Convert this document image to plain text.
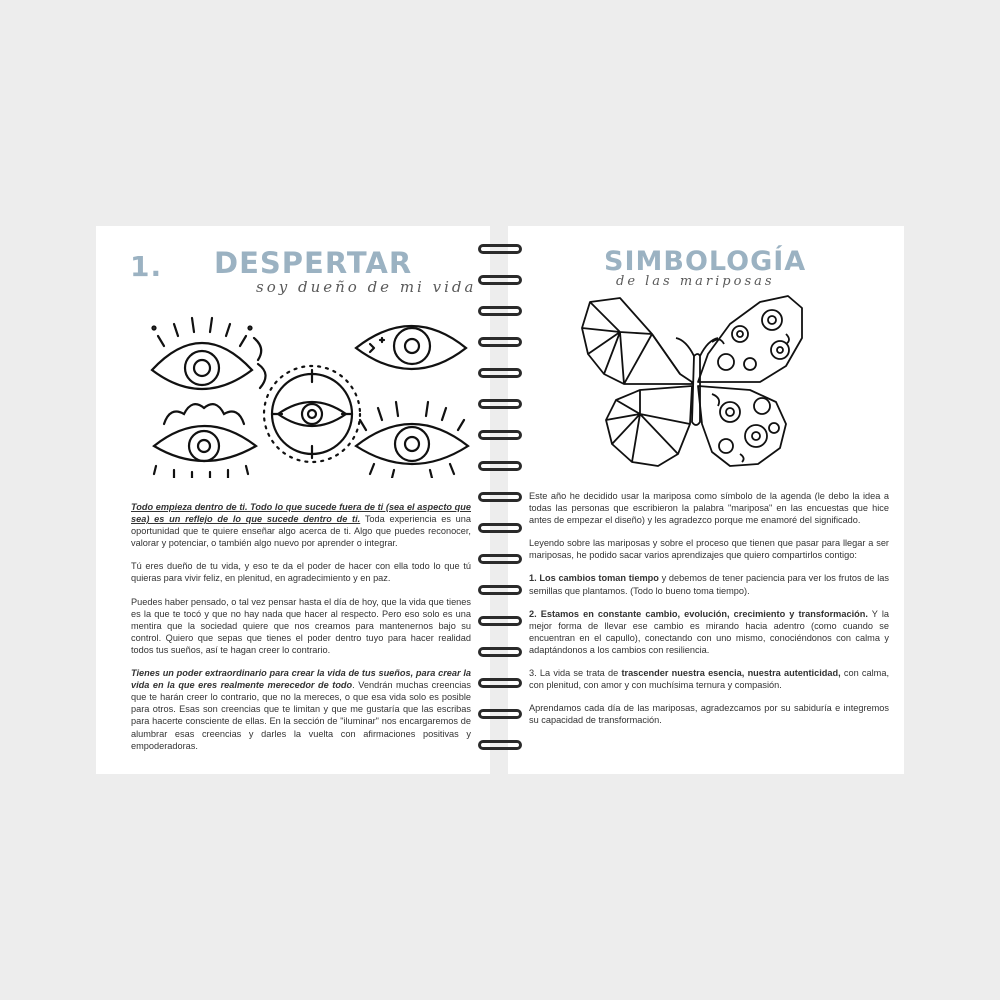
1. DESPERTAR
soy dueño de mi vida

Todo empieza dentro de ti. Todo lo que sucede fuera de ti (sea el aspecto que sea) es un reflejo de lo que sucede dentro de ti. Toda experiencia es una oportunidad que te quiere enseñar algo acerca de ti. Algo que puedes reconocer, valorar y potenciar, o también algo nuevo por aprender o integrar.

Tú eres dueño de tu vida, y eso te da el poder de hacer con ella todo lo que tú quieras para vivir feliz, en plenitud, en agradecimiento y en paz.

Puedes haber pensado, o tal vez pensar hasta el día de hoy, que la vida que tienes es la que te tocó y que no hay nada que hacer al respecto. Pero eso solo es una mentira que la sociedad quiere que nos creamos para mantenernos bajo su control. Quiero que sepas que tienes el poder dentro tuyo para hacer realidad todos tus sueños, así te hagan creer lo contrario.

Tienes un poder extraordinario para crear la vida de tus sueños, para crear la vida en la que eres realmente merecedor de todo. Vendrán muchas creencias que te harán creer lo contrario, que no la mereces, o que esa vida solo es posible para otros. Esas son creencias que te limitan y que me gustaría que las escribas para hacerte consciente de ellas. En la sección de "iluminar" nos encargaremos de alumbrar esas creencias y darles la vuelta con afirmaciones positivas y empoderadoras.

SIMBOLOGÍA
de las mariposas

Este año he decidido usar la mariposa como símbolo de la agenda (le debo la idea a todas las personas que escribieron la palabra "mariposa" en las encuestas que hice antes de empezar el diseño) y les agradezco porque me enamoré del significado.

Leyendo sobre las mariposas y sobre el proceso que tienen que pasar para llegar a ser mariposas, he podido sacar varios aprendizajes que quiero compartirlos contigo:

1. Los cambios toman tiempo y debemos de tener paciencia para ver los frutos de las semillas que plantamos. (Todo lo bueno toma tiempo).

2. Estamos en constante cambio, evolución, crecimiento y transformación. Y la mejor forma de llevar ese cambio es mirando hacia adentro (como cuando se encuentran en el capullo), conectando con uno mismo, conociéndonos con calma y adaptándonos a los cambios con resiliencia.

3. La vida se trata de trascender nuestra esencia, nuestra autenticidad, con calma, con plenitud, con amor y con muchísima ternura y compasión.

Aprendamos cada día de las mariposas, agradezcamos por su sabiduría e integremos su capacidad de transformación.
